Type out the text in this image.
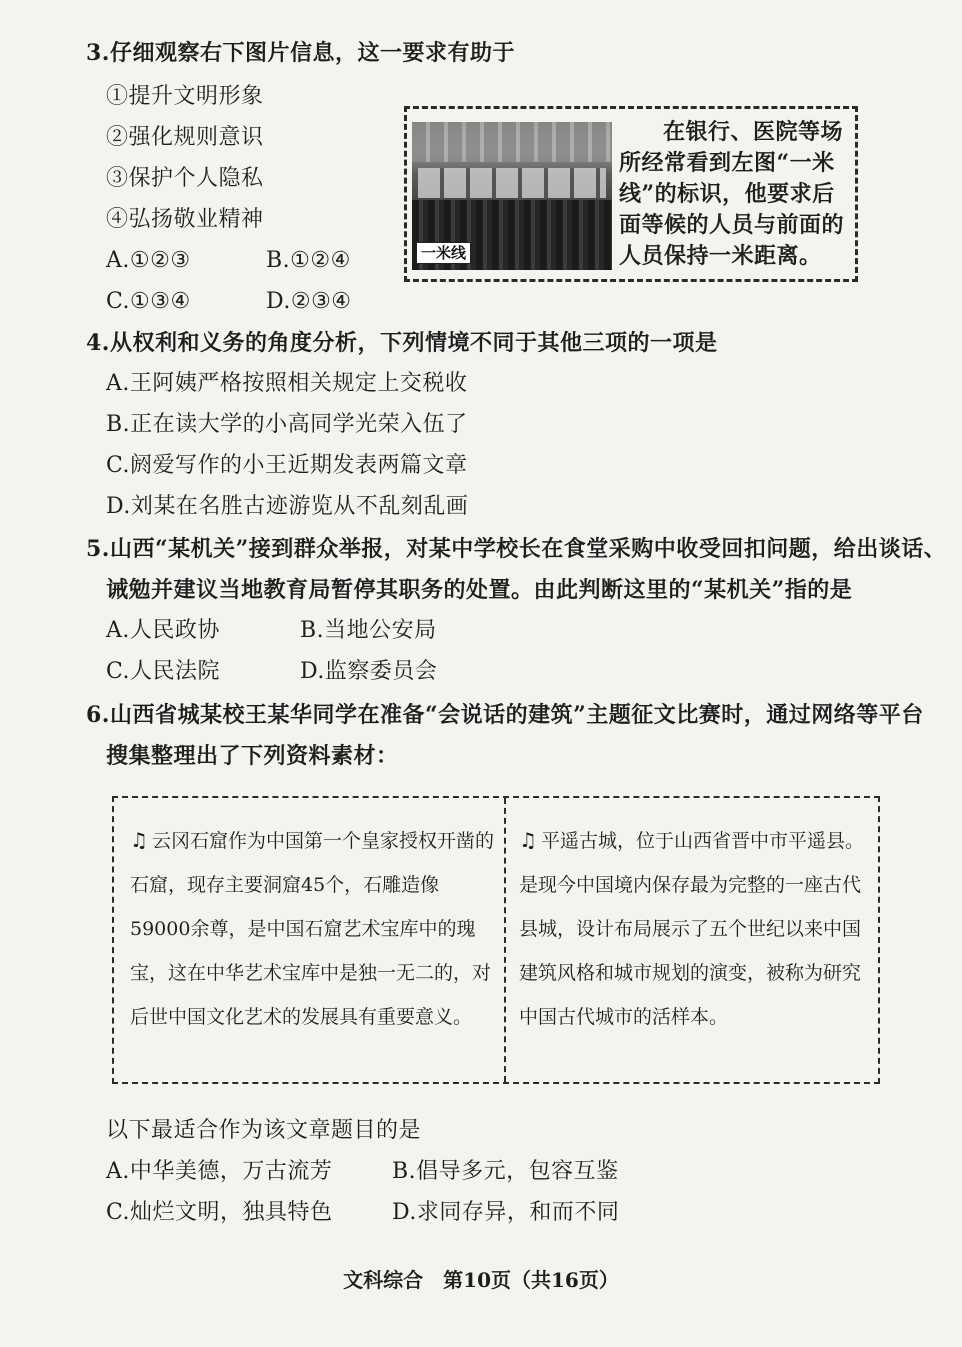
3.仔细观察右下图片信息，这一要求有助于
①提升文明形象
②强化规则意识
③保护个人隐私
④弘扬敬业精神
A.①②③	B.①②④
C.①③④	D.②③④
在银行、医院等场所经常看到左图“一米线”的标识，他要求后面等候的人员与前面的人员保持一米距离。
一米线
4.从权利和义务的角度分析，下列情境不同于其他三项的一项是
A.王阿姨严格按照相关规定上交税收
B.正在读大学的小高同学光荣入伍了
C.阏爱写作的小王近期发表两篇文章
D.刘某在名胜古迹游览从不乱刻乱画
5.山西“某机关”接到群众举报，对某中学校长在食堂采购中收受回扣问题，给出谈话、
诫勉并建议当地教育局暂停其职务的处置。由此判断这里的“某机关”指的是
A.人民政协	B.当地公安局
C.人民法院	D.监察委员会
6.山西省城某校王某华同学在准备“会说话的建筑”主题征文比赛时，通过网络等平台
搜集整理出了下列资料素材：
♫ 云冈石窟作为中国第一个皇家授权开凿的石窟，现存主要洞窟45个，石雕造像59000余尊，是中国石窟艺术宝库中的瑰宝，这在中华艺术宝库中是独一无二的，对后世中国文化艺术的发展具有重要意义。
♫ 平遥古城，位于山西省晋中市平遥县。是现今中国境内保存最为完整的一座古代县城，设计布局展示了五个世纪以来中国建筑风格和城市规划的演变，被称为研究中国古代城市的活样本。
以下最适合作为该文章题目的是
A.中华美德，万古流芳	B.倡导多元，包容互鉴
C.灿烂文明，独具特色	D.求同存异，和而不同
文科综合　第10页（共16页）
